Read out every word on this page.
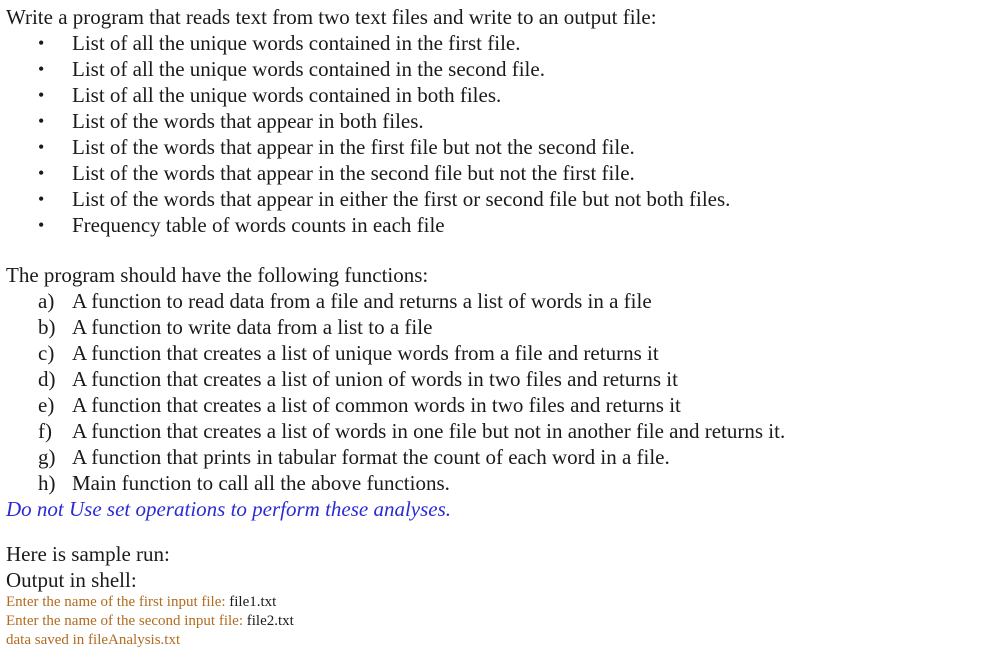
Write a program that reads text from two text files and write to an output file:
• List of all the unique words contained in the first file.
• List of all the unique words contained in the second file.
• List of all the unique words contained in both files.
• List of the words that appear in both files.
• List of the words that appear in the first file but not the second file.
• List of the words that appear in the second file but not the first file.
• List of the words that appear in either the first or second file but not both files.
• Frequency table of words counts in each file
The program should have the following functions:
a) A function to read data from a file and returns a list of words in a file
b) A function to write data from a list to a file
c) A function that creates a list of unique words from a file and returns it
d) A function that creates a list of union of words in two files and returns it
e) A function that creates a list of common words in two files and returns it
f) A function that creates a list of words in one file but not in another file and returns it.
g) A function that prints in tabular format the count of each word in a file.
h) Main function to call all the above functions.
Do not Use set operations to perform these analyses.
Here is sample run:
Output in shell:
Enter the name of the first input file: file1.txt
Enter the name of the second input file: file2.txt
data saved in fileAnalysis.txt
